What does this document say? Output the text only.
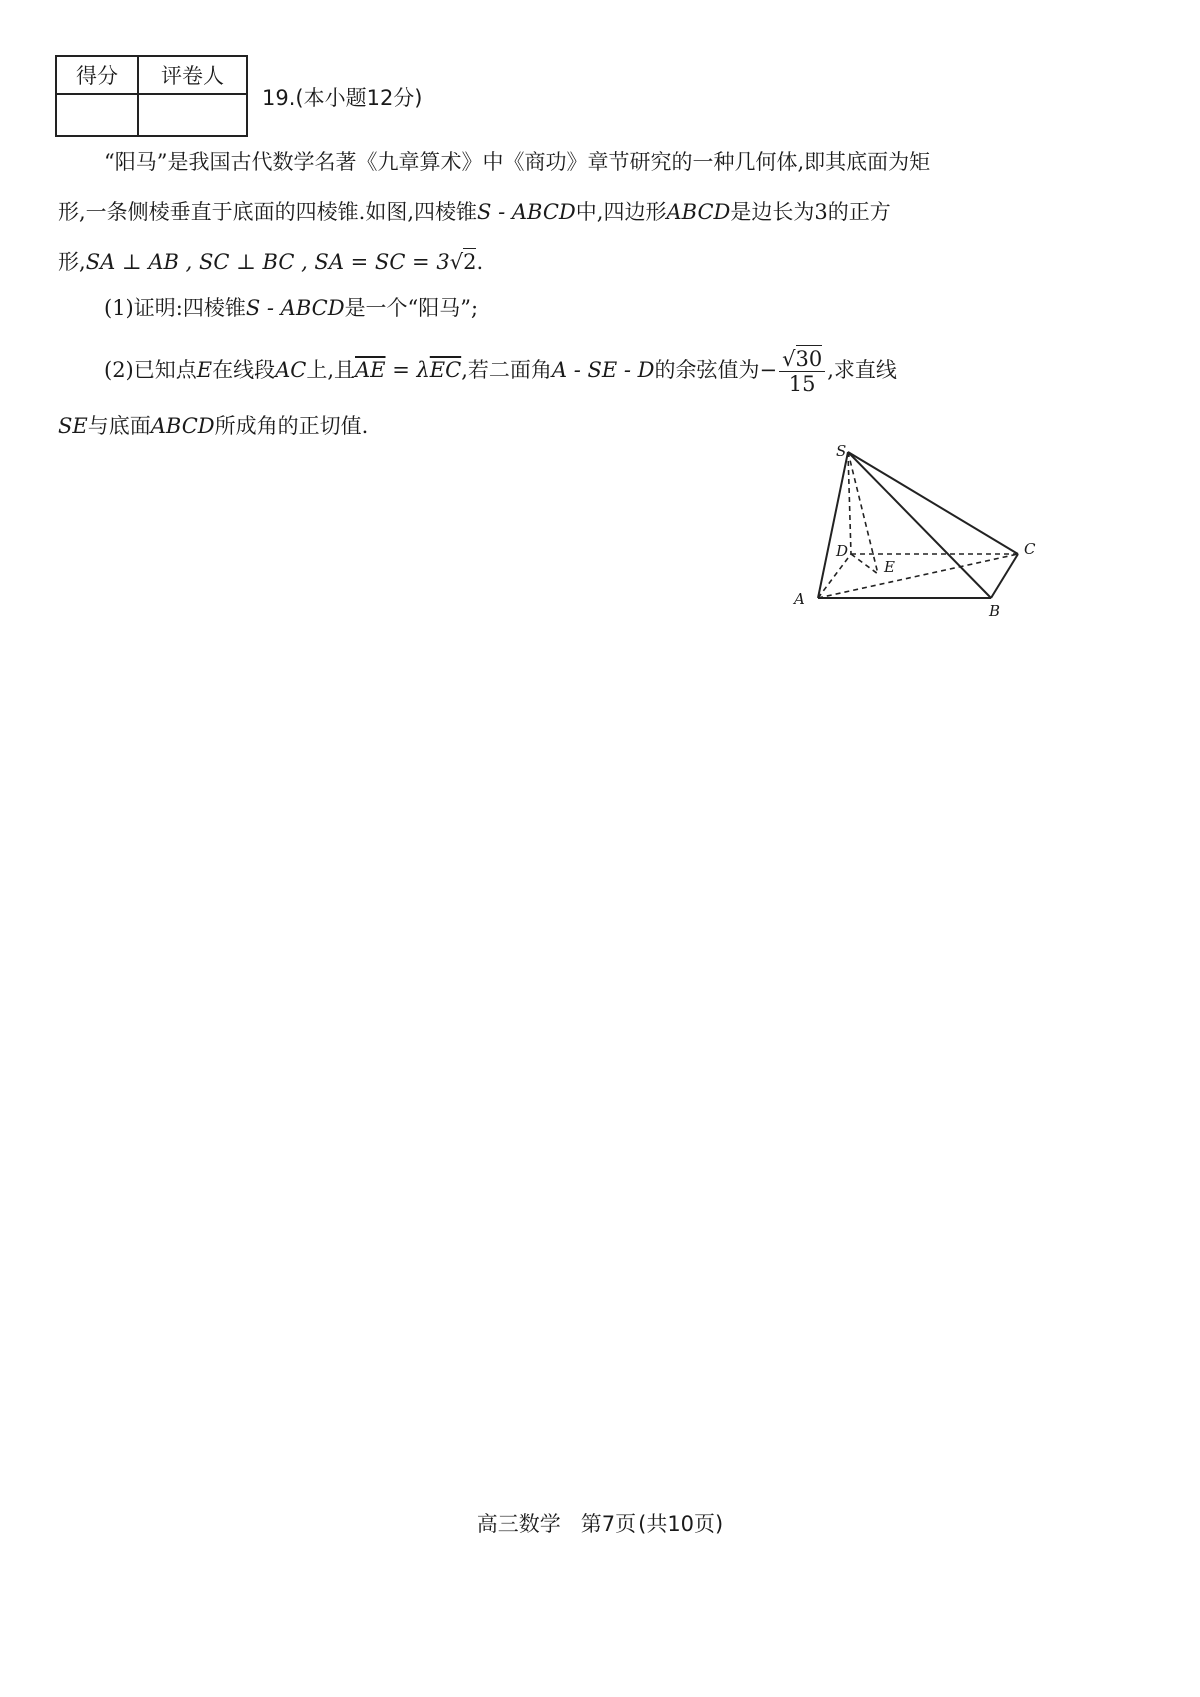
得分	评卷人

19.(本小题12分)
“阳马”是我国古代数学名著《九章算术》中《商功》章节研究的一种几何体,即其底面为矩
形,一条侧棱垂直于底面的四棱锥.如图,四棱锥S - ABCD中,四边形ABCD是边长为3的正方
形,SA ⊥ AB , SC ⊥ BC , SA = SC = 3√2.
(1)证明:四棱锥S - ABCD是一个“阳马”;
(2)已知点E在线段AC上,且$\overline{AE} = \lambda\overline{EC}$,若二面角A - SE - D的余弦值为− $\frac{√30}{15}$ ,求直线
SE与底面ABCD所成角的正切值.
S
A
B
C
D
E
高三数学 第7页(共10页)
